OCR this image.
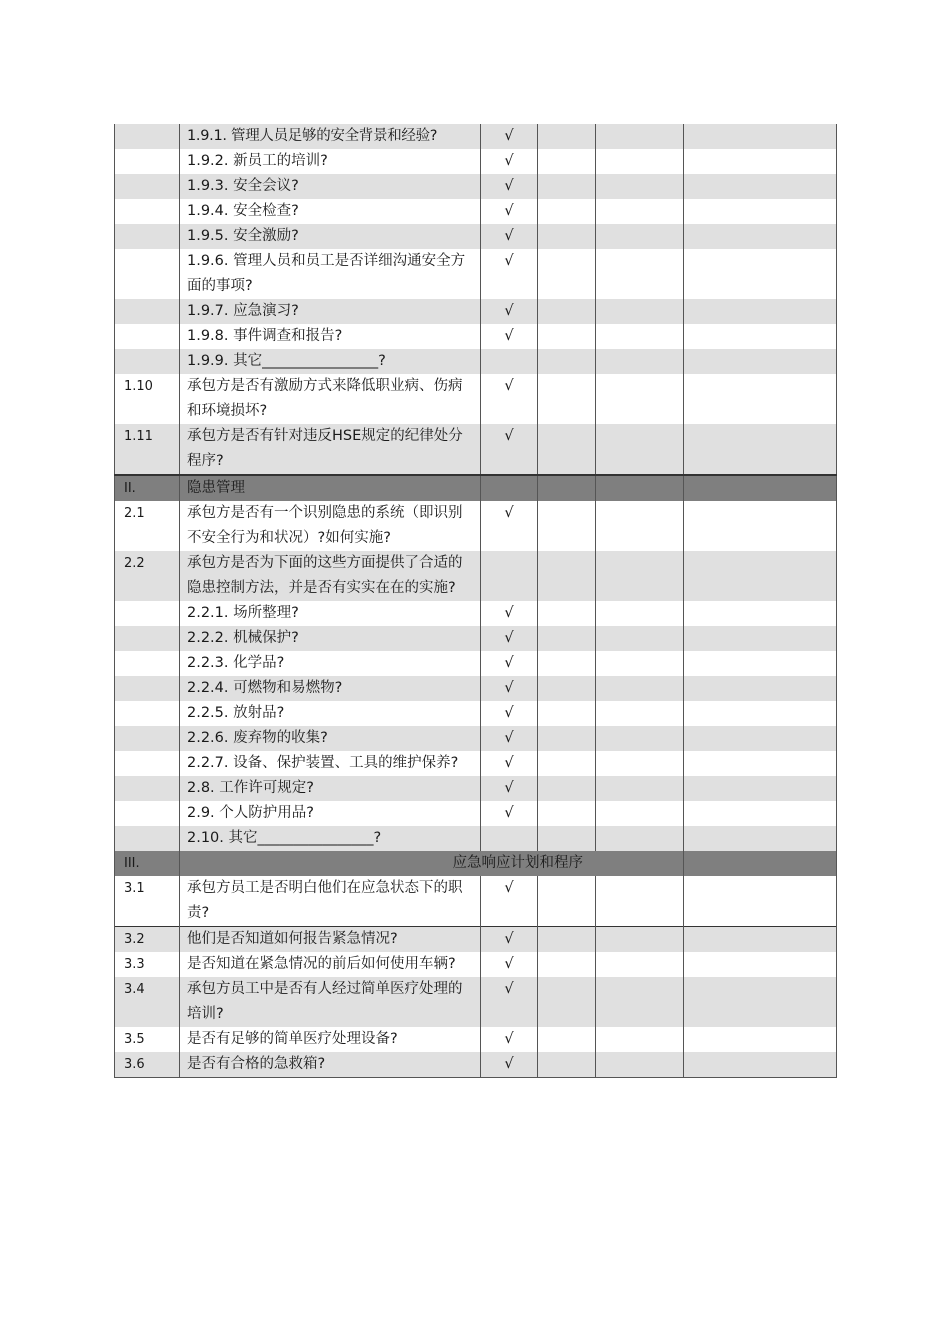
	1.9.1. 管理人员足够的安全背景和经验?	√			
	1.9.2. 新员工的培训?	√			
	1.9.3. 安全会议?	√			
	1.9.4. 安全检查?	√			
	1.9.5. 安全激励?	√			
	1.9.6. 管理人员和员工是否详细沟通安全方面的事项?	√			
	1.9.7. 应急演习?	√			
	1.9.8. 事件调查和报告?	√			
	1.9.9. 其它________________?				
1.10	承包方是否有激励方式来降低职业病、伤病和环境损坏?	√			
1.11	承包方是否有针对违反HSE规定的纪律处分程序?	√			
II.	隐患管理				
2.1	承包方是否有一个识别隐患的系统（即识别不安全行为和状况）?如何实施?	√			
2.2	承包方是否为下面的这些方面提供了合适的隐患控制方法，并是否有实实在在的实施?				
	2.2.1. 场所整理?	√			
	2.2.2. 机械保护?	√			
	2.2.3. 化学品?	√			
	2.2.4. 可燃物和易燃物?	√			
	2.2.5. 放射品?	√			
	2.2.6. 废弃物的收集?	√			
	2.2.7. 设备、保护装置、工具的维护保养?	√			
	2.8. 工作许可规定?	√			
	2.9. 个人防护用品?	√			
	2.10. 其它________________?				
III.	应急响应计划和程序				
3.1	承包方员工是否明白他们在应急状态下的职责?	√			
3.2	他们是否知道如何报告紧急情况?	√			
3.3	是否知道在紧急情况的前后如何使用车辆?	√			
3.4	承包方员工中是否有人经过简单医疗处理的培训?	√			
3.5	是否有足够的简单医疗处理设备?	√			
3.6	是否有合格的急救箱?	√			
